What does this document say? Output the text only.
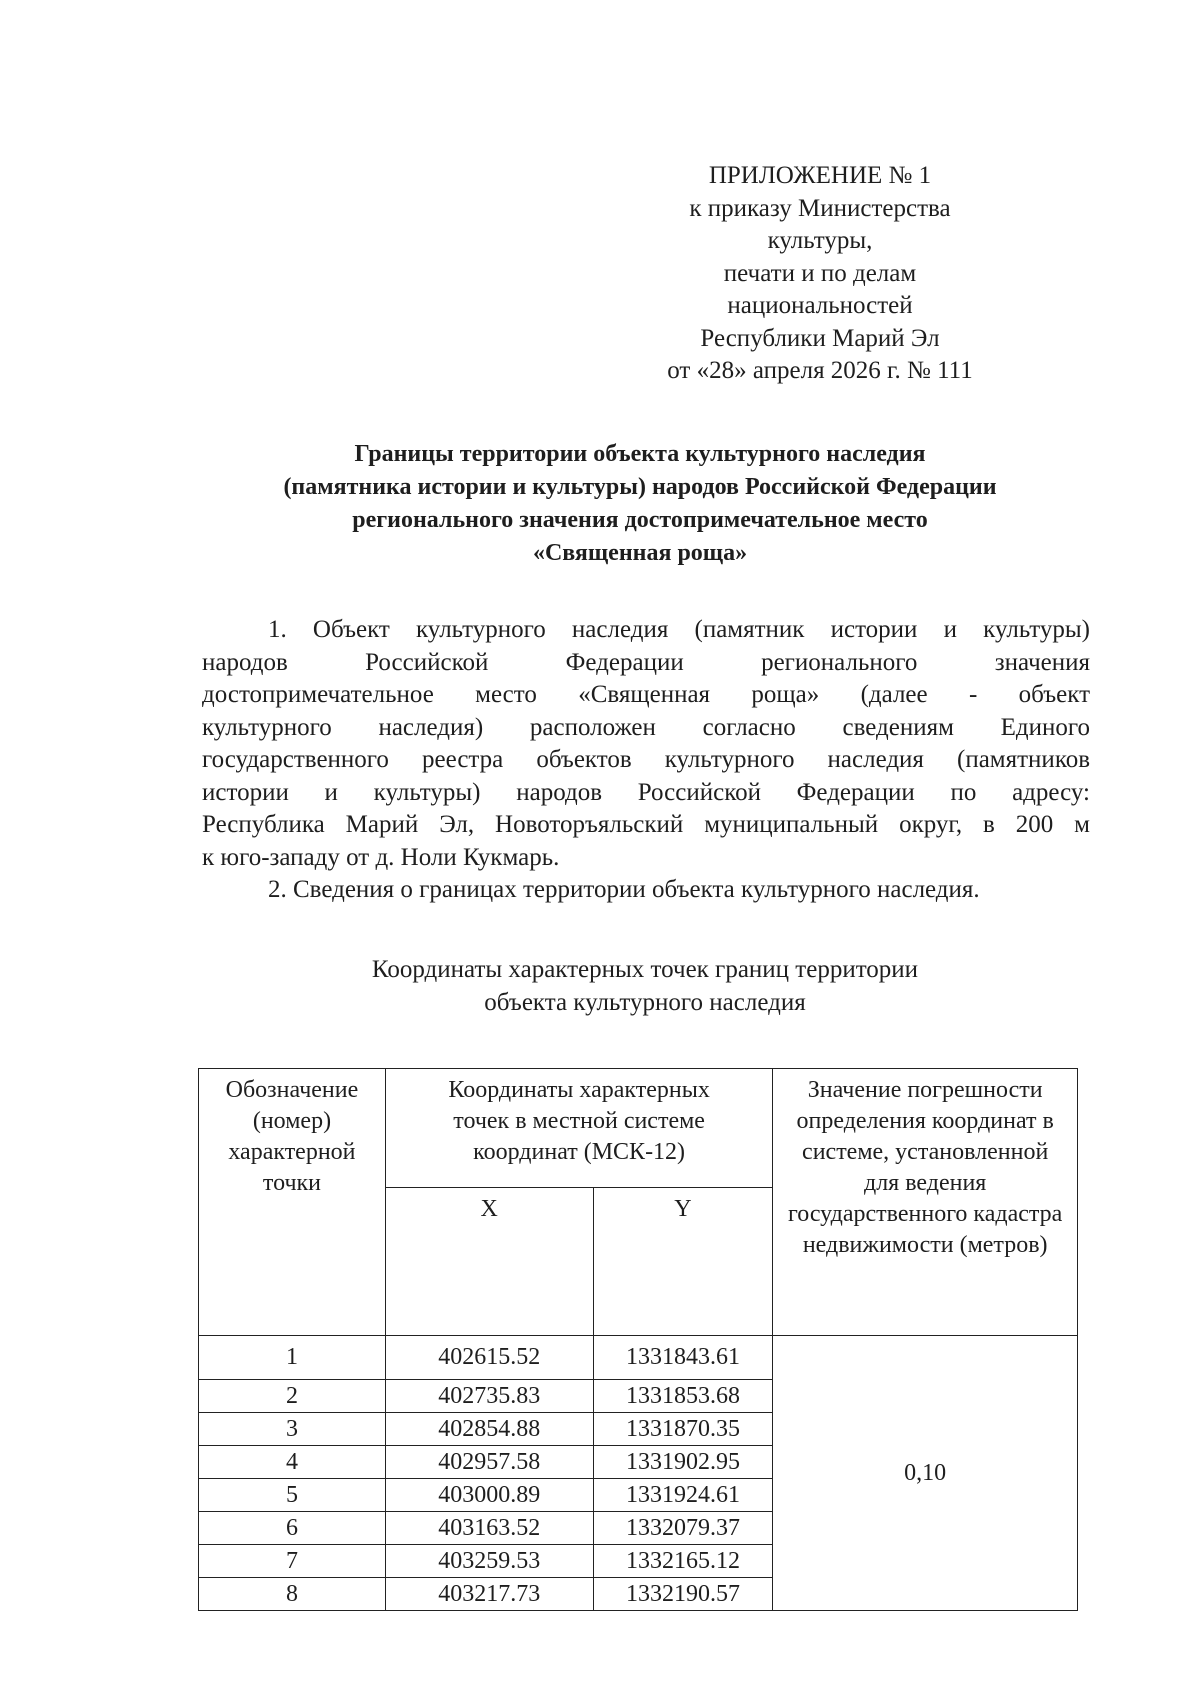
ПРИЛОЖЕНИЕ № 1
к приказу Министерства
культуры,
печати и по делам
национальностей
Республики Марий Эл
от «28» апреля 2026 г. № 111
Границы территории объекта культурного наследия
(памятника истории и культуры) народов Российской Федерации
регионального значения достопримечательное место
«Священная роща»
1. Объект культурного наследия (памятник истории и культуры)
народов Российской Федерации регионального значения
достопримечательное место «Священная роща» (далее - объект
культурного наследия) расположен согласно сведениям Единого
государственного реестра объектов культурного наследия (памятников
истории и культуры) народов Российской Федерации по адресу:
Республика Марий Эл, Новоторъяльский муниципальный округ, в 200 м
к юго-западу от д. Ноли Кукмарь.
2. Сведения о границах территории объекта культурного наследия.
Координаты характерных точек границ территории
объекта культурного наследия
Обозначение (номер) характерной точки	Координаты характерных точек в местной системе координат (МСК-12)		Значение погрешности определения координат в системе, установленной для ведения государственного кадастра недвижимости (метров)
	X	Y	
1	402615.52	1331843.61	0,10
2	402735.83	1331853.68	
3	402854.88	1331870.35	
4	402957.58	1331902.95	
5	403000.89	1331924.61	
6	403163.52	1332079.37	
7	403259.53	1332165.12	
8	403217.73	1332190.57	
